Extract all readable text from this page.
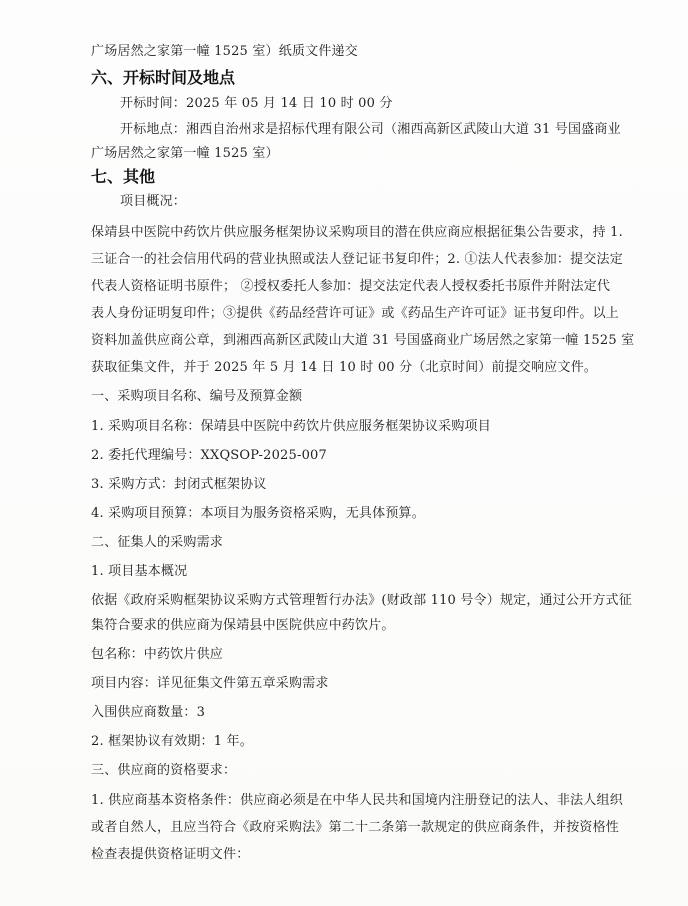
广场居然之家第一幢 1525 室）纸质文件递交
六、开标时间及地点
开标时间：2025 年 05 月 14 日 10 时 00 分
开标地点：湘西自治州求是招标代理有限公司（湘西高新区武陵山大道 31 号国盛商业
广场居然之家第一幢 1525 室）
七、其他
项目概况：
保靖县中医院中药饮片供应服务框架协议采购项目的潜在供应商应根据征集公告要求，持 1.
三证合一的社会信用代码的营业执照或法人登记证书复印件；2. ①法人代表参加：提交法定
代表人资格证明书原件； ②授权委托人参加：提交法定代表人授权委托书原件并附法定代
表人身份证明复印件；③提供《药品经营许可证》或《药品生产许可证》证书复印件。以上
资料加盖供应商公章，到湘西高新区武陵山大道 31 号国盛商业广场居然之家第一幢 1525 室
获取征集文件，并于 2025 年 5 月 14 日 10 时 00 分（北京时间）前提交响应文件。
一、采购项目名称、编号及预算金额
1. 采购项目名称：保靖县中医院中药饮片供应服务框架协议采购项目
2. 委托代理编号：XXQSOP-2025-007
3. 采购方式：封闭式框架协议
4. 采购项目预算：本项目为服务资格采购，无具体预算。
二、征集人的采购需求
1. 项目基本概况
依据《政府采购框架协议采购方式管理暂行办法》(财政部 110 号令）规定，通过公开方式征
集符合要求的供应商为保靖县中医院供应中药饮片。
包名称：中药饮片供应
项目内容：详见征集文件第五章采购需求
入围供应商数量：3
2. 框架协议有效期：1 年。
三、供应商的资格要求：
1. 供应商基本资格条件：供应商必须是在中华人民共和国境内注册登记的法人、非法人组织
或者自然人，且应当符合《政府采购法》第二十二条第一款规定的供应商条件，并按资格性
检查表提供资格证明文件：
